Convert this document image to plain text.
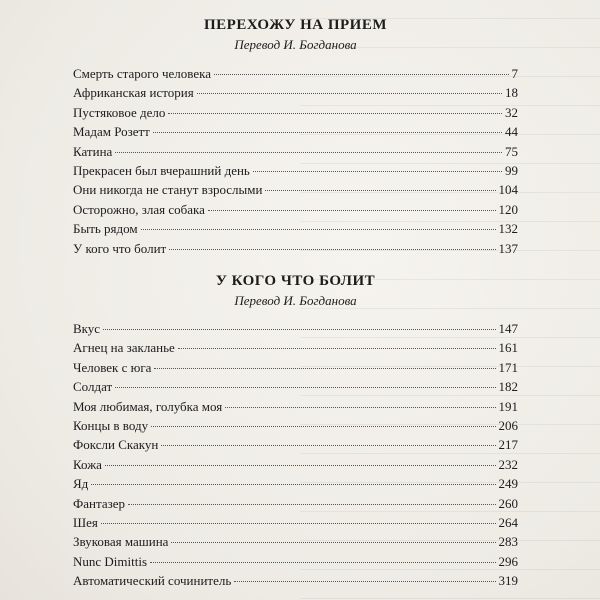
ПЕРЕХОЖУ НА ПРИЕМ
Перевод И. Богданова
Смерть старого человека	7
Африканская история	18
Пустяковое дело	32
Мадам Розетт	44
Катина	75
Прекрасен был вчерашний день	99
Они никогда не станут взрослыми	104
Осторожно, злая собака	120
Быть рядом	132
У кого что болит	137
У КОГО ЧТО БОЛИТ
Перевод И. Богданова
Вкус	147
Агнец на закланье	161
Человек с юга	171
Солдат	182
Моя любимая, голубка моя	191
Концы в воду	206
Фоксли Скакун	217
Кожа	232
Яд	249
Фантазер	260
Шея	264
Звуковая машина	283
Nunc Dimittis	296
Автоматический сочинитель	319
